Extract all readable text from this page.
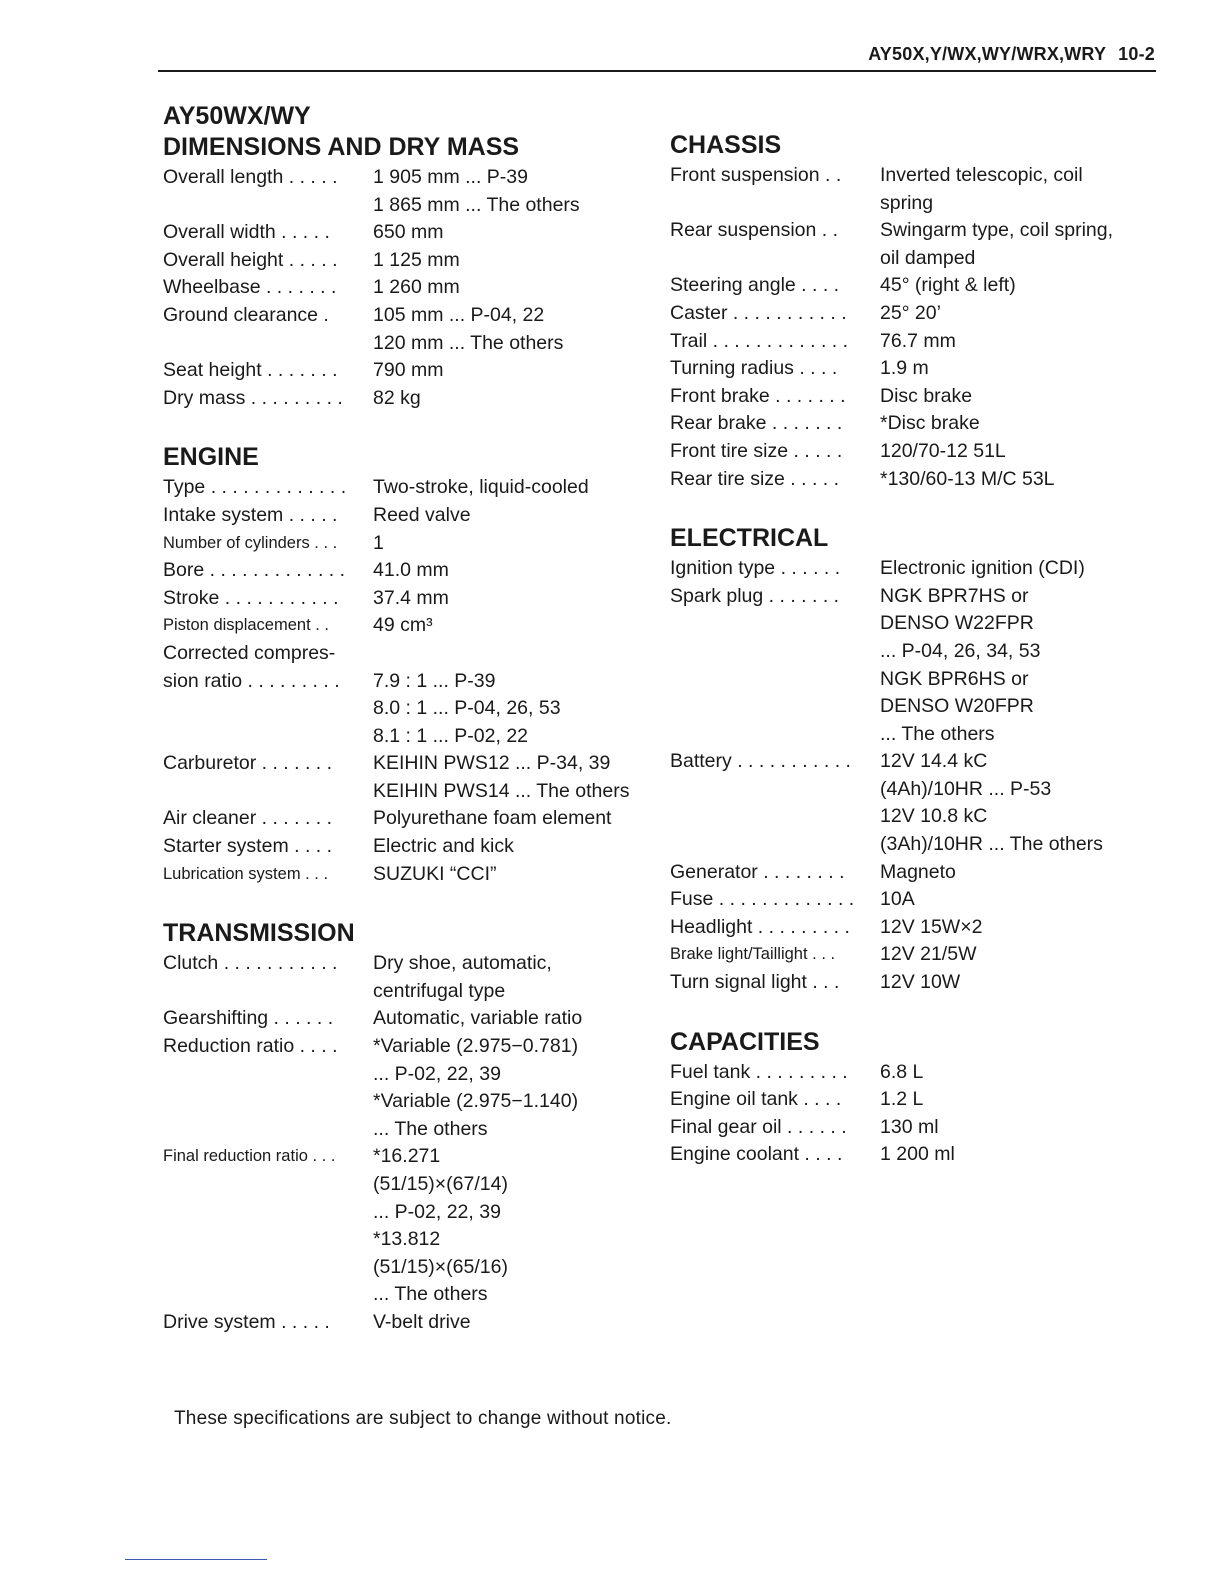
AY50X,Y/WX,WY/WRX,WRY 10-2
AY50WX/WY
DIMENSIONS AND DRY MASS
Overall length . . . . .	1 905 mm ... P-39
1 865 mm ... The others
Overall width . . . . .	650 mm
Overall height . . . . .	1 125 mm
Wheelbase . . . . . . .	1 260 mm
Ground clearance .	105 mm ... P-04, 22
120 mm ... The others
Seat height . . . . . . .	790 mm
Dry mass . . . . . . . . .	82 kg
ENGINE
Type . . . . . . . . . . . . .	Two-stroke, liquid-cooled
Intake system . . . . .	Reed valve
Number of cylinders . . .	1
Bore . . . . . . . . . . . . .	41.0 mm
Stroke . . . . . . . . . . .	37.4 mm
Piston displacement . .	49 cm³
Corrected compres-
sion ratio . . . . . . . . .	7.9 : 1 ... P-39
8.0 : 1 ... P-04, 26, 53
8.1 : 1 ... P-02, 22
Carburetor . . . . . . .	KEIHIN PWS12 ... P-34, 39
KEIHIN PWS14 ... The others
Air cleaner . . . . . . .	Polyurethane foam element
Starter system . . . .	Electric and kick
Lubrication system . . .	SUZUKI “CCI”
TRANSMISSION
Clutch . . . . . . . . . . .	Dry shoe, automatic,
centrifugal type
Gearshifting . . . . . .	Automatic, variable ratio
Reduction ratio . . . .	*Variable (2.975−0.781)
... P-02, 22, 39
*Variable (2.975−1.140)
... The others
Final reduction ratio . . .	*16.271
(51/15)×(67/14)
... P-02, 22, 39
*13.812
(51/15)×(65/16)
... The others
Drive system . . . . .	V-belt drive
CHASSIS
Front suspension . .	Inverted telescopic, coil
spring
Rear suspension . .	Swingarm type, coil spring,
oil damped
Steering angle . . . .	45° (right & left)
Caster . . . . . . . . . . .	25° 20’
Trail . . . . . . . . . . . . .	76.7 mm
Turning radius . . . .	1.9 m
Front brake . . . . . . .	Disc brake
Rear brake . . . . . . .	*Disc brake
Front tire size . . . . .	120/70-12 51L
Rear tire size . . . . .	*130/60-13 M/C 53L
ELECTRICAL
Ignition type . . . . . .	Electronic ignition (CDI)
Spark plug . . . . . . .	NGK BPR7HS or
DENSO W22FPR
... P-04, 26, 34, 53
NGK BPR6HS or
DENSO W20FPR
... The others
Battery . . . . . . . . . . .	12V 14.4 kC
(4Ah)/10HR ... P-53
12V 10.8 kC
(3Ah)/10HR ... The others
Generator . . . . . . . .	Magneto
Fuse . . . . . . . . . . . . .	10A
Headlight . . . . . . . . .	12V 15W×2
Brake light/Taillight . . .	12V 21/5W
Turn signal light . . .	12V 10W
CAPACITIES
Fuel tank . . . . . . . . .	6.8 L
Engine oil tank . . . .	1.2 L
Final gear oil . . . . . .	130 ml
Engine coolant . . . .	1 200 ml
These specifications are subject to change without notice.
